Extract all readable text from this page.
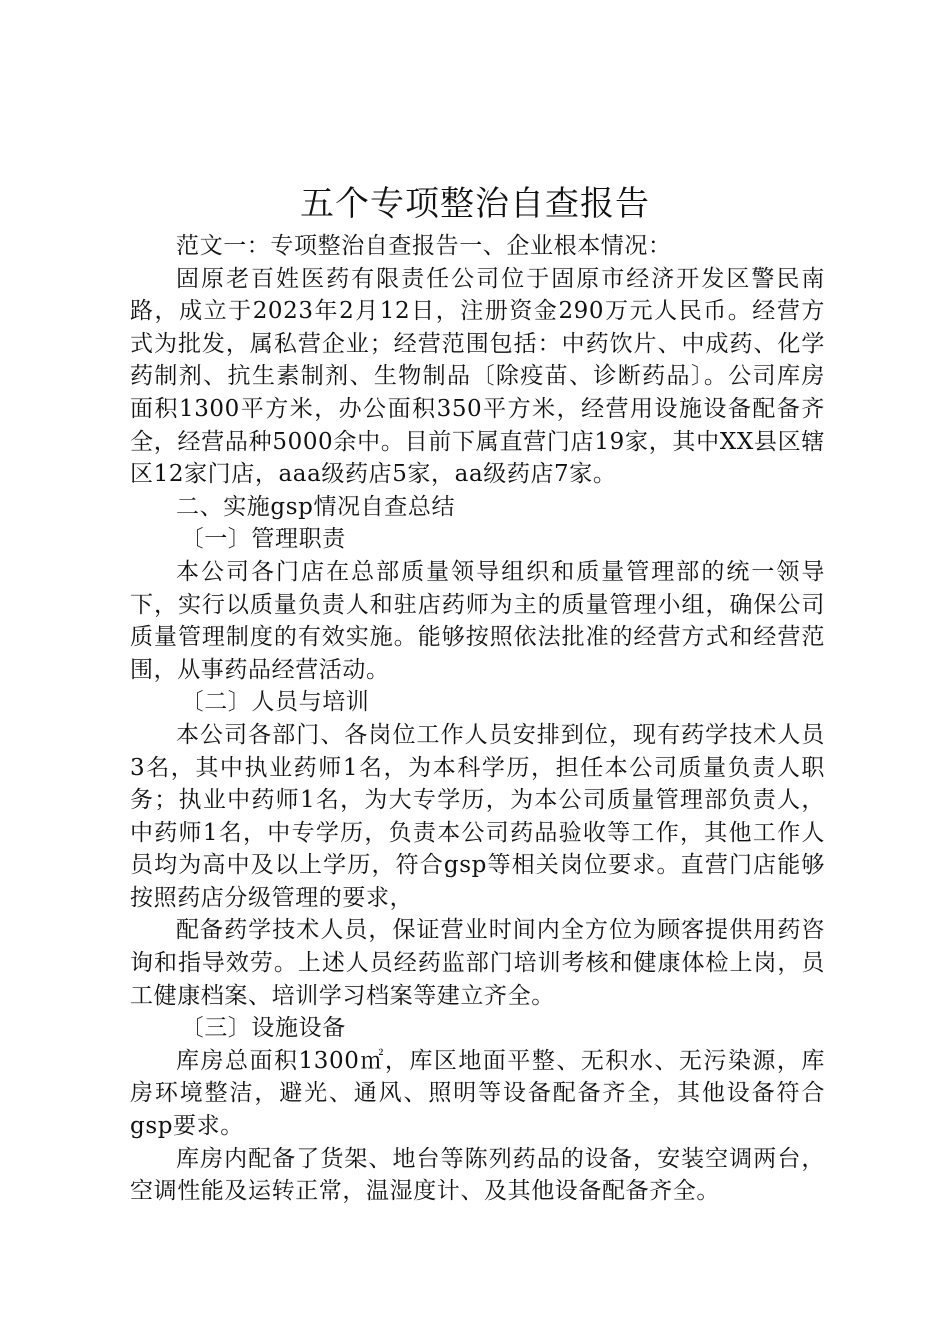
五个专项整治自查报告

范文一：专项整治自查报告一、企业根本情况：

固原老百姓医药有限责任公司位于固原市经济开发区警民南路，成立于2023年2月12日，注册资金290万元人民币。经营方式为批发，属私营企业；经营范围包括：中药饮片、中成药、化学药制剂、抗生素制剂、生物制品〔除疫苗、诊断药品〕。公司库房面积1300平方米，办公面积350平方米，经营用设施设备配备齐全，经营品种5000余中。目前下属直营门店19家，其中XX县区辖区12家门店，aaa级药店5家，aa级药店7家。

二、实施gsp情况自查总结

〔一〕管理职责

本公司各门店在总部质量领导组织和质量管理部的统一领导下，实行以质量负责人和驻店药师为主的质量管理小组，确保公司质量管理制度的有效实施。能够按照依法批准的经营方式和经营范围，从事药品经营活动。

〔二〕人员与培训

本公司各部门、各岗位工作人员安排到位，现有药学技术人员3名，其中执业药师1名，为本科学历，担任本公司质量负责人职务；执业中药师1名，为大专学历，为本公司质量管理部负责人，中药师1名，中专学历，负责本公司药品验收等工作，其他工作人员均为高中及以上学历，符合gsp等相关岗位要求。直营门店能够按照药店分级管理的要求，

配备药学技术人员，保证营业时间内全方位为顾客提供用药咨询和指导效劳。上述人员经药监部门培训考核和健康体检上岗，员工健康档案、培训学习档案等建立齐全。

〔三〕设施设备

库房总面积1300㎡，库区地面平整、无积水、无污染源，库房环境整洁，避光、通风、照明等设备配备齐全，其他设备符合gsp要求。

库房内配备了货架、地台等陈列药品的设备，安装空调两台，空调性能及运转正常，温湿度计、及其他设备配备齐全。
